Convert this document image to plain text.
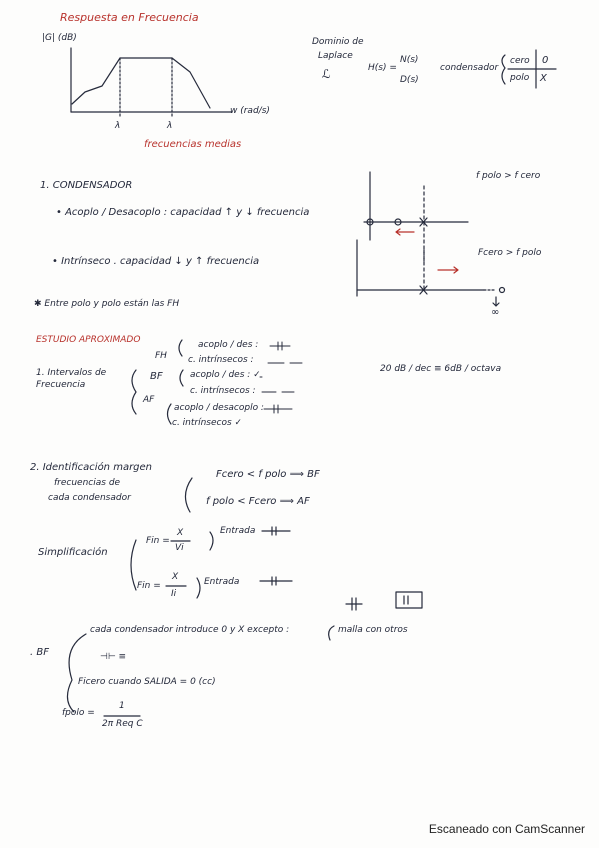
Respuesta en Frecuencia
|G| (dB)
w (rad/s)
λ	λ
frecuencias medias
Dominio de
Laplace
ℒ	H(s) =
N(s)
D(s)
condensador
cero 0
polo X
1. CONDENSADOR
• Acoplo / Desacoplo : capacidad ↑ y ↓ frecuencia
• Intrínseco . capacidad ↓ y ↑ frecuencia
f polo > f cero
Fcero > f polo
∞
✱ Entre polo y polo están las FH
ESTUDIO APROXIMADO
1. Intervalos de Frecuencia
FH
BF
AF
acoplo / des :
c. intrínsecos :
acoplo / des : ✓
c. intrínsecos :
acoplo / desacoplo :
c. intrínsecos ✓
20 dB / dec ≡ 6dB / octava
2. Identificación margen
frecuencias de
cada condensador
Fcero < f polo ⟹ BF
f polo < Fcero ⟹ AF
Simplificación
Fin =
X
Vi
Entrada
Fin =
X
Ii
Entrada
cada condensador introduce 0 y X excepto :	malla con otros
. BF	⊣⊢ ≡
Ficero cuando SALIDA = 0 (cc)
fpolo =
1
2π Req C
Escaneado con CamScanner
